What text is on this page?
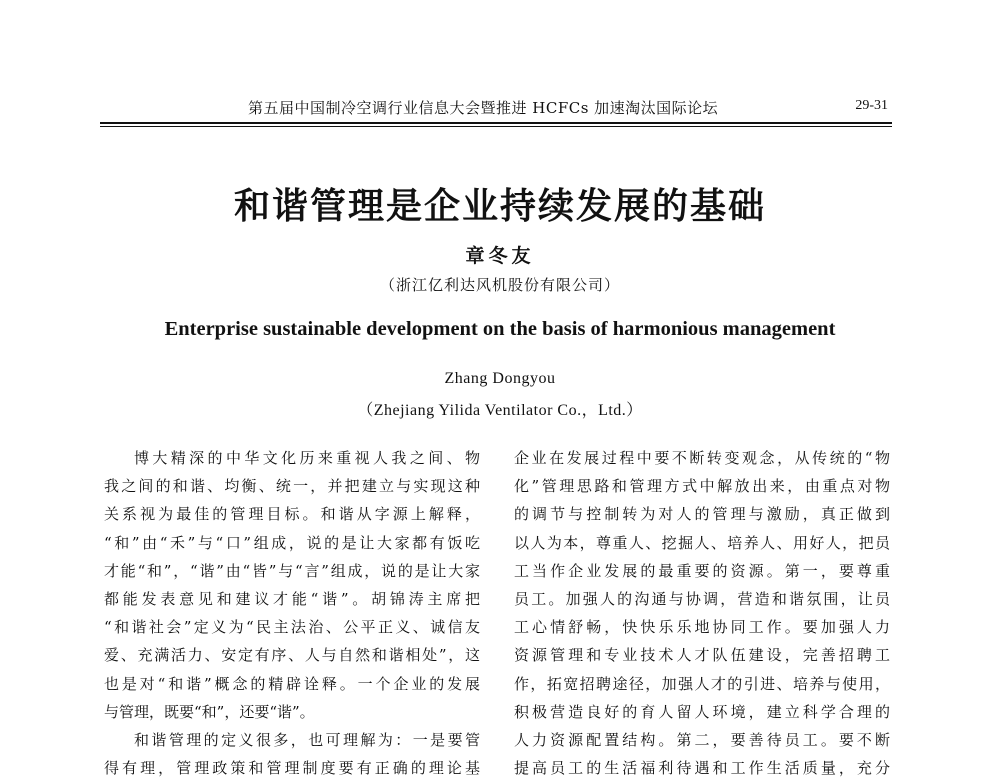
第五届中国制冷空调行业信息大会暨推进 HCFCs 加速淘汰国际论坛	29-31
和谐管理是企业持续发展的基础
章冬友
（浙江亿利达风机股份有限公司）
Enterprise sustainable development on the basis of harmonious management
Zhang Dongyou
（Zhejiang Yilida Ventilator Co.，Ltd.）
博大精深的中华文化历来重视人我之间、物
我之间的和谐、均衡、统一，并把建立与实现这种
关系视为最佳的管理目标。和谐从字源上解释，
“和”由“禾”与“口”组成，说的是让大家都有饭吃
才能“和”，“谐”由“皆”与“言”组成，说的是让大家
都能发表意见和建议才能“谐”。胡锦涛主席把
“和谐社会”定义为“民主法治、公平正义、诚信友
爱、充满活力、安定有序、人与自然和谐相处”，这
也是对“和谐”概念的精辟诠释。一个企业的发展
与管理，既要“和”，还要“谐”。
和谐管理的定义很多，也可理解为：一是要管
得有理，管理政策和管理制度要有正确的理论基
企业在发展过程中要不断转变观念，从传统的“物
化”管理思路和管理方式中解放出来，由重点对物
的调节与控制转为对人的管理与激励，真正做到
以人为本，尊重人、挖掘人、培养人、用好人，把员
工当作企业发展的最重要的资源。第一，要尊重
员工。加强人的沟通与协调，营造和谐氛围，让员
工心情舒畅，快快乐乐地协同工作。要加强人力
资源管理和专业技术人才队伍建设，完善招聘工
作，拓宽招聘途径，加强人才的引进、培养与使用，
积极营造良好的育人留人环境，建立科学合理的
人力资源配置结构。第二，要善待员工。要不断
提高员工的生活福利待遇和工作生活质量，充分
